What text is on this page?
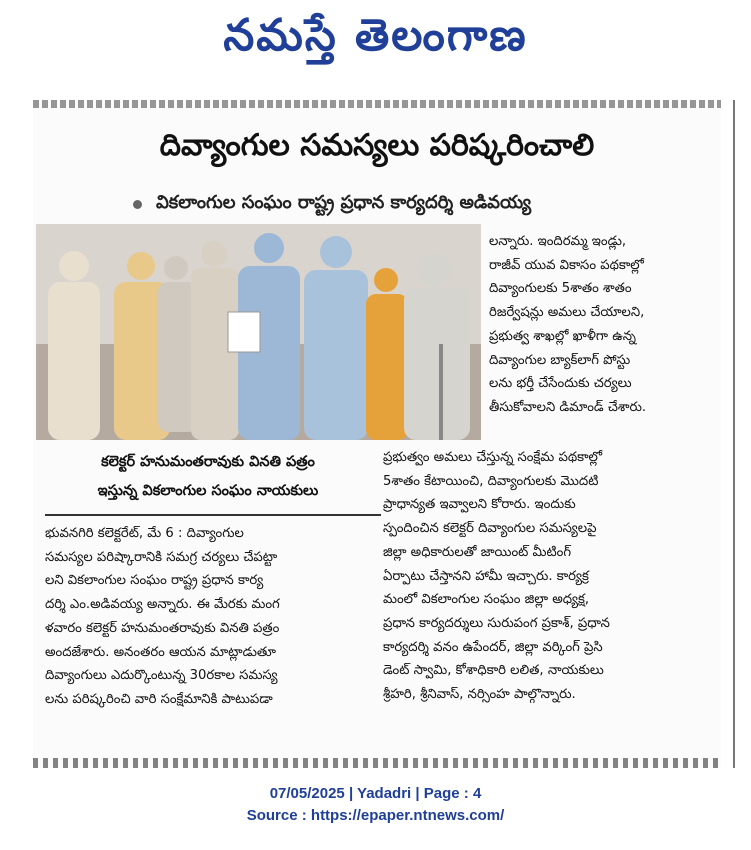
నమస్తే తెలంగాణ
దివ్యాంగుల సమస్యలు పరిష్కరించాలి
వికలాంగుల సంఘం రాష్ట్ర ప్రధాన కార్యదర్శి అడివయ్య
కలెక్టర్ హనుమంతరావుకు వినతి పత్రం
ఇస్తున్న వికలాంగుల సంఘం నాయకులు

లన్నారు. ఇందిరమ్మ ఇండ్లు,
రాజీవ్ యువ వికాసం పథకాల్లో
దివ్యాంగులకు 5శాతం శాతం
రిజర్వేషన్లు అమలు చేయాలని,
ప్రభుత్వ శాఖల్లో ఖాళీగా ఉన్న
దివ్యాంగుల బ్యాక్‌లాగ్ పోస్టు
లను భర్తీ చేసేందుకు చర్యలు
తీసుకోవాలని డిమాండ్ చేశారు.

ప్రభుత్వం అమలు చేస్తున్న సంక్షేమ పథకాల్లో
5శాతం కేటాయించి, దివ్యాంగులకు మొదటి
ప్రాధాన్యత ఇవ్వాలని కోరారు. ఇందుకు
స్పందించిన కలెక్టర్ దివ్యాంగుల సమస్యలపై
జిల్లా అధికారులతో జాయింట్ మీటింగ్
ఏర్పాటు చేస్తానని హామీ ఇచ్చారు. కార్యక్ర
మంలో వికలాంగుల సంఘం జిల్లా అధ్యక్ష,
ప్రధాన కార్యదర్శులు సురుపంగ ప్రకాశ్, ప్రధాన
కార్యదర్శి వనం ఉపేందర్, జిల్లా వర్కింగ్ ప్రెసి
డెంట్ స్వామి, కోశాధికారి లలిత, నాయకులు
శ్రీహరి, శ్రీనివాస్, నర్సింహ పాల్గొన్నారు.

భువనగిరి కలెక్టరేట్, మే 6 : దివ్యాంగుల
సమస్యల పరిష్కారానికి సమగ్ర చర్యలు చేపట్టా
లని వికలాంగుల సంఘం రాష్ట్ర ప్రధాన కార్య
దర్శి ఎం.అడివయ్య అన్నారు. ఈ మేరకు మంగ
ళవారం కలెక్టర్ హనుమంతరావుకు వినతి పత్రం
అందజేశారు. అనంతరం ఆయన మాట్లాడుతూ
దివ్యాంగులు ఎదుర్కొంటున్న 30రకాల సమస్య
లను పరిష్కరించి వారి సంక్షేమానికి పాటుపడా

07/05/2025 | Yadadri | Page : 4
Source : https://epaper.ntnews.com/
